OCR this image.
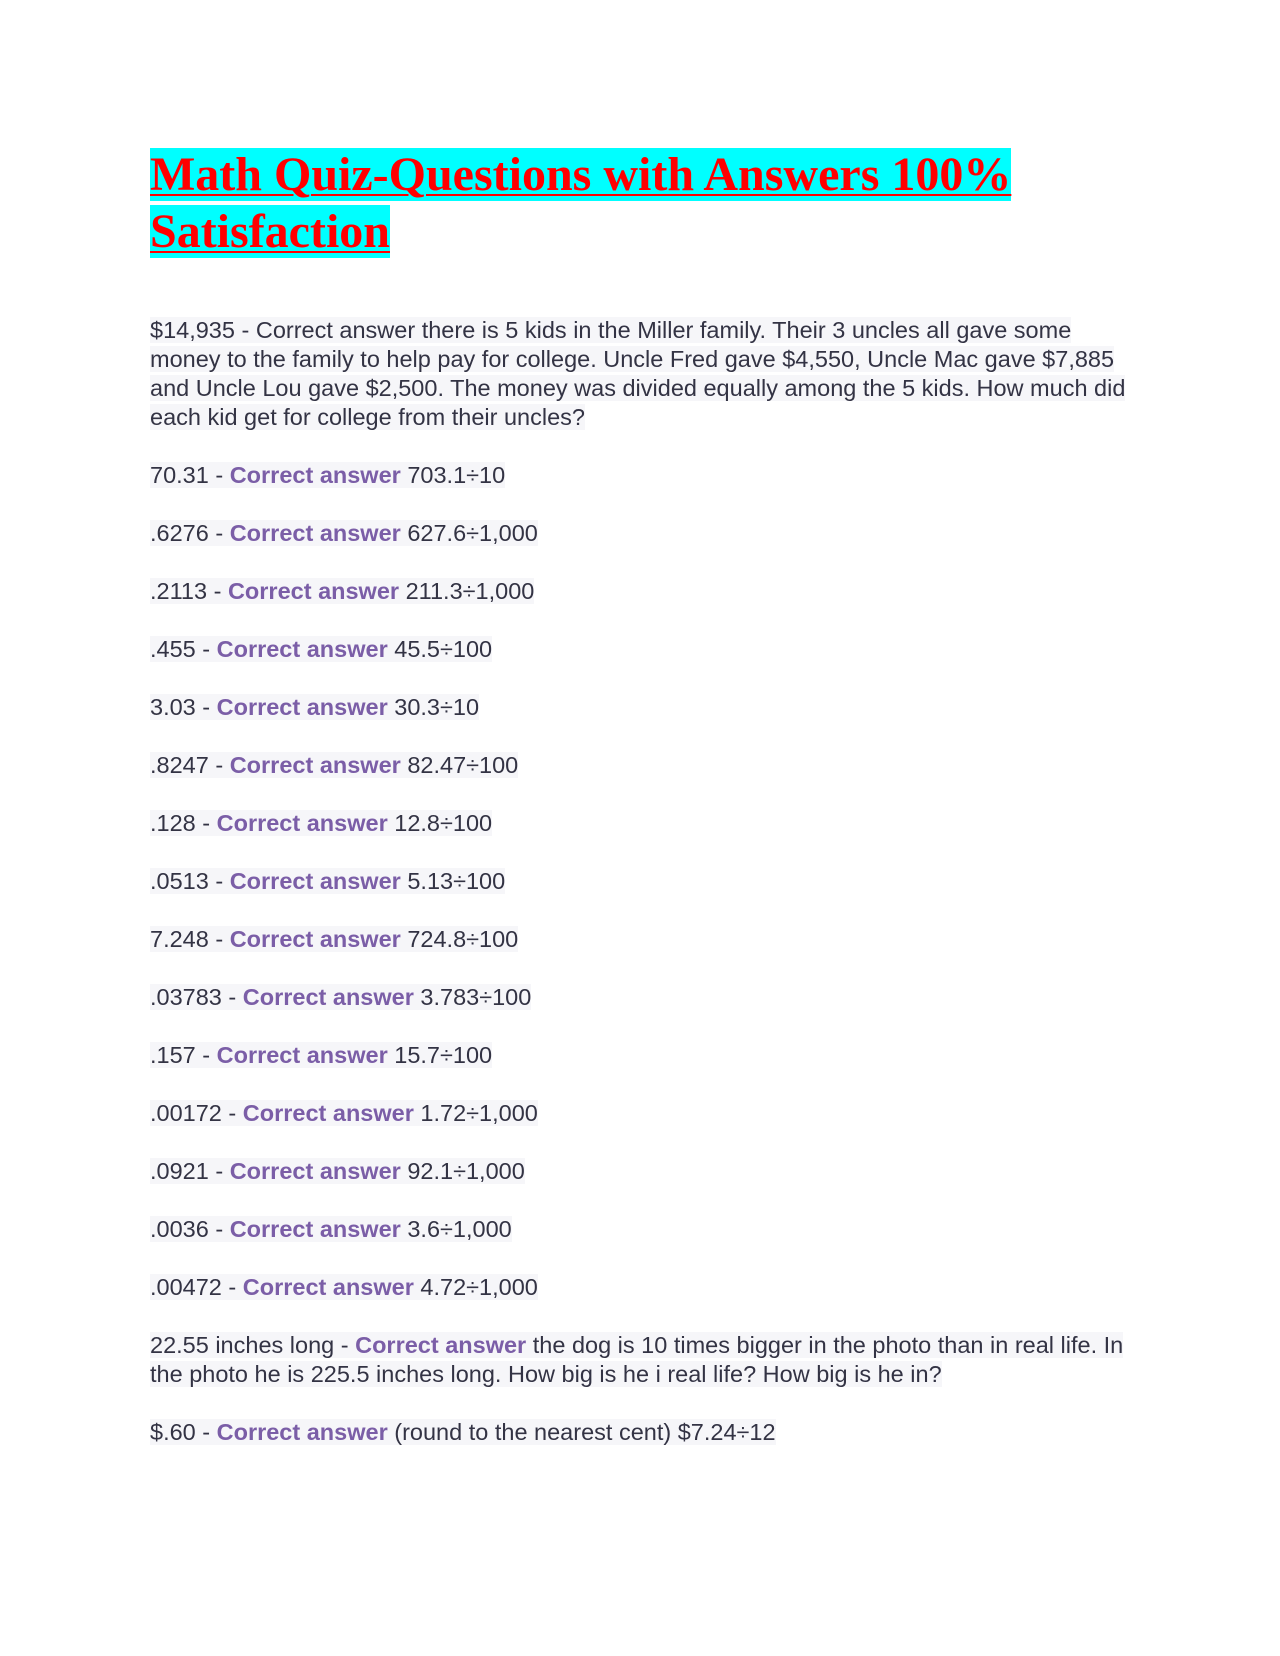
Math Quiz-Questions with Answers 100% Satisfaction

$14,935 - Correct answer there is 5 kids in the Miller family. Their 3 uncles all gave some money to the family to help pay for college. Uncle Fred gave $4,550, Uncle Mac gave $7,885 and Uncle Lou gave $2,500. The money was divided equally among the 5 kids. How much did each kid get for college from their uncles?

70.31 - Correct answer 703.1÷10

.6276 - Correct answer 627.6÷1,000

.2113 - Correct answer 211.3÷1,000

.455 - Correct answer 45.5÷100

3.03 - Correct answer 30.3÷10

.8247 - Correct answer 82.47÷100

.128 - Correct answer 12.8÷100

.0513 - Correct answer 5.13÷100

7.248 - Correct answer 724.8÷100

.03783 - Correct answer 3.783÷100

.157 - Correct answer 15.7÷100

.00172 - Correct answer 1.72÷1,000

.0921 - Correct answer 92.1÷1,000

.0036 - Correct answer 3.6÷1,000

.00472 - Correct answer 4.72÷1,000

22.55 inches long - Correct answer the dog is 10 times bigger in the photo than in real life. In the photo he is 225.5 inches long. How big is he i real life? How big is he in?

$.60 - Correct answer (round to the nearest cent) $7.24÷12
